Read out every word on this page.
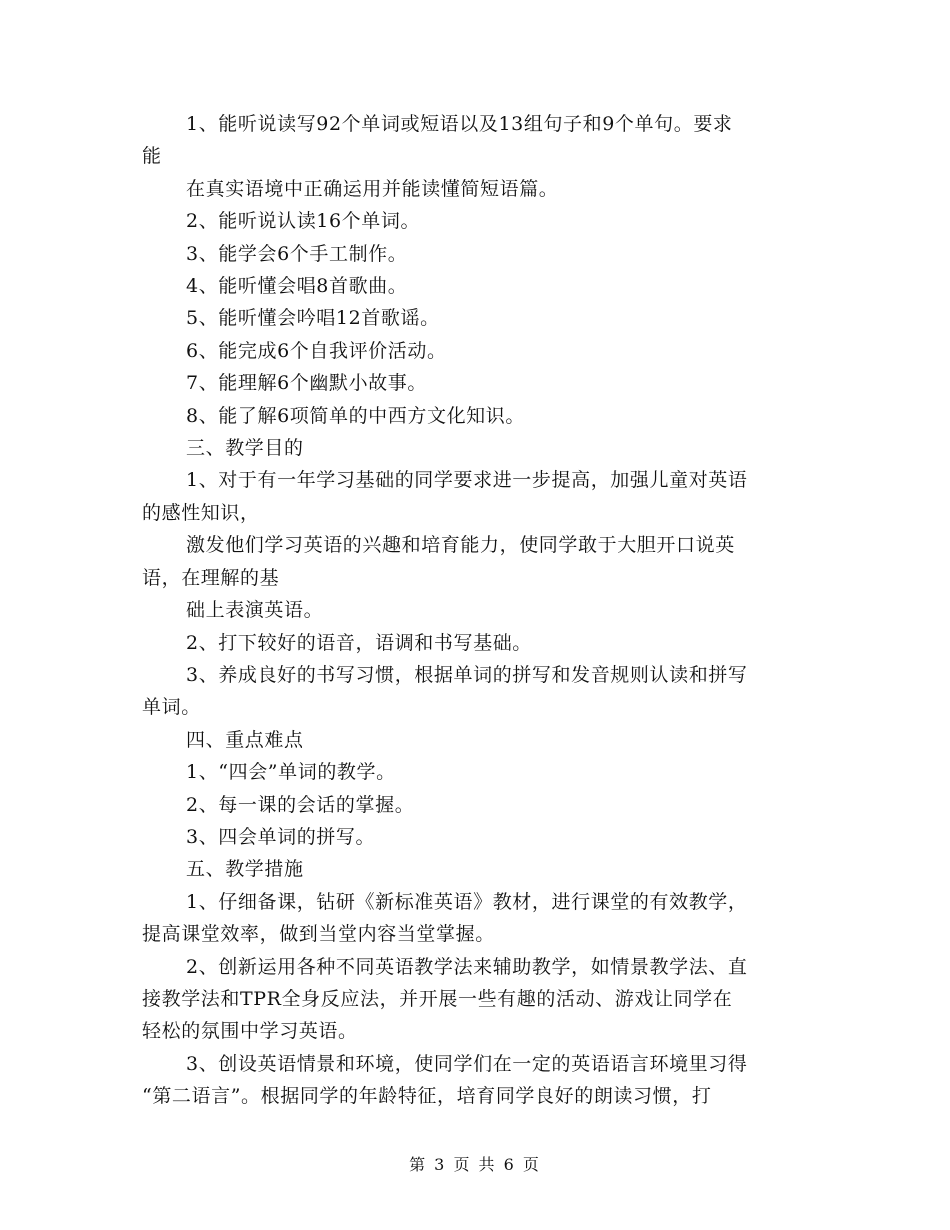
1、能听说读写92个单词或短语以及13组句子和9个单句。要求
能
在真实语境中正确运用并能读懂简短语篇。
2、能听说认读16个单词。
3、能学会6个手工制作。
4、能听懂会唱8首歌曲。
5、能听懂会吟唱12首歌谣。
6、能完成6个自我评价活动。
7、能理解6个幽默小故事。
8、能了解6项简单的中西方文化知识。
三、教学目的
1、对于有一年学习基础的同学要求进一步提高，加强儿童对英语
的感性知识，
激发他们学习英语的兴趣和培育能力，使同学敢于大胆开口说英
语，在理解的基
础上表演英语。
2、打下较好的语音，语调和书写基础。
3、养成良好的书写习惯，根据单词的拼写和发音规则认读和拼写
单词。
四、重点难点
1、“四会”单词的教学。
2、每一课的会话的掌握。
3、四会单词的拼写。
五、教学措施
1、仔细备课，钻研《新标准英语》教材，进行课堂的有效教学，
提高课堂效率，做到当堂内容当堂掌握。
2、创新运用各种不同英语教学法来辅助教学，如情景教学法、直
接教学法和TPR全身反应法，并开展一些有趣的活动、游戏让同学在
轻松的氛围中学习英语。
3、创设英语情景和环境，使同学们在一定的英语语言环境里习得
“第二语言”。根据同学的年龄特征，培育同学良好的朗读习惯，打
第 3 页 共 6 页
